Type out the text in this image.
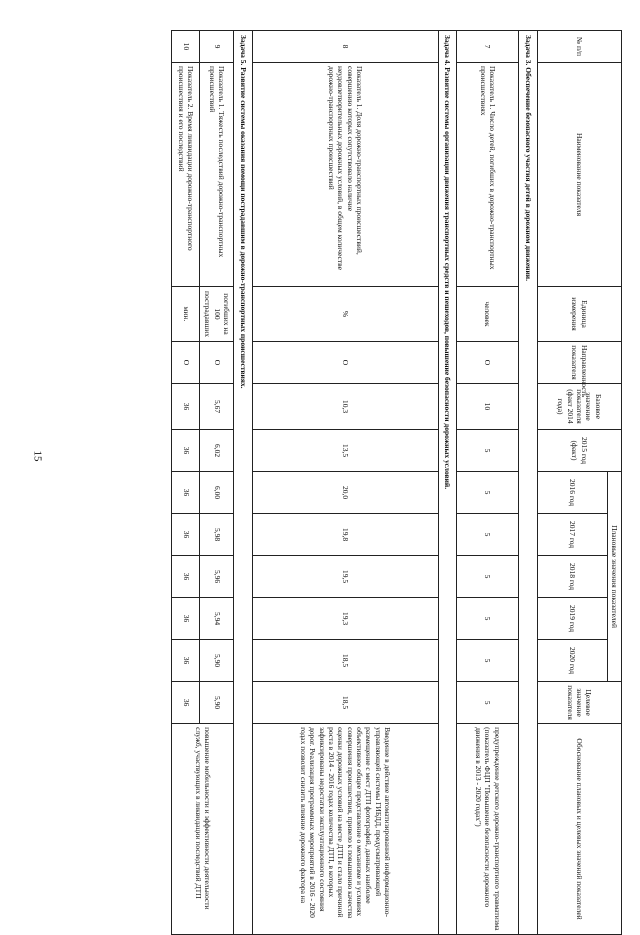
15
№ п/п	Наименование показателя	Единица измерения	Направленность показателя	Базовое значение показателя (факт 2014 года)	2015 год (факт)	Плановые значения показателей					Целевое значение показателя	Обоснование плановых и целевых значений показателей
						2016 год	2017 год	2018 год	2019 год	2020 год		
Задача 3. Обеспечение безопасного участия детей в дорожном движении.												
7	Показатель 1. Число детей, погибших в дорожно-транспортных происшествиях	человек	О	10	5	5	5	5	5	5	5	предупреждение детского дорожно-транспортного травматизма (показатель ФЦП "Повышение безопасности дорожного движения в 2013 - 2020 годах")
Задача 4. Развитие системы организации движения транспортных средств и пешеходов, повышение безопасности дорожных условий.												
8	Показатель 1. Доля дорожно-транспортных происшествий, совершению которых сопутствовало наличие неудовлетворительных дорожных условий, в общем количестве дорожно-транспортных происшествий	%	О	10,3	13,5	20,0	19,8	19,5	19,3	18,5	18,5	Введение в действие автоматизированной информационно-управляющей системы ГИБДД, предусматривающей размещение с мест ДТП фотографий, данных наиболее объективное общее представление о механизме и условиях совершения происшествия, привело к повышению качества оценки дорожных условий на месте ДТП и стало причиной роста в 2014 - 2016 годах количества ДТП, в которых зафиксированы недостатки эксплуатационного состояния дорог. Реализация программных мероприятий в 2016 - 2020 годах позволит снизить влияние дорожного фактора на
Задача 5. Развитие системы оказания помощи пострадавшим в дорожно-транспортных происшествиях.												
9	Показатель 1. Тяжесть последствий дорожно-транспортных происшествий	погибших на 100 пострадавших	О	5,67	6,02	6,00	5,98	5,96	5,94	5,90	5,90	повышение мобильности и эффективности деятельности служб, участвующих в ликвидации последствий ДТП
10	Показатель 2. Время ликвидации дорожно-транспортного происшествия и его последствий	мин.	О	36	36	36	36	36	36	36	36	
